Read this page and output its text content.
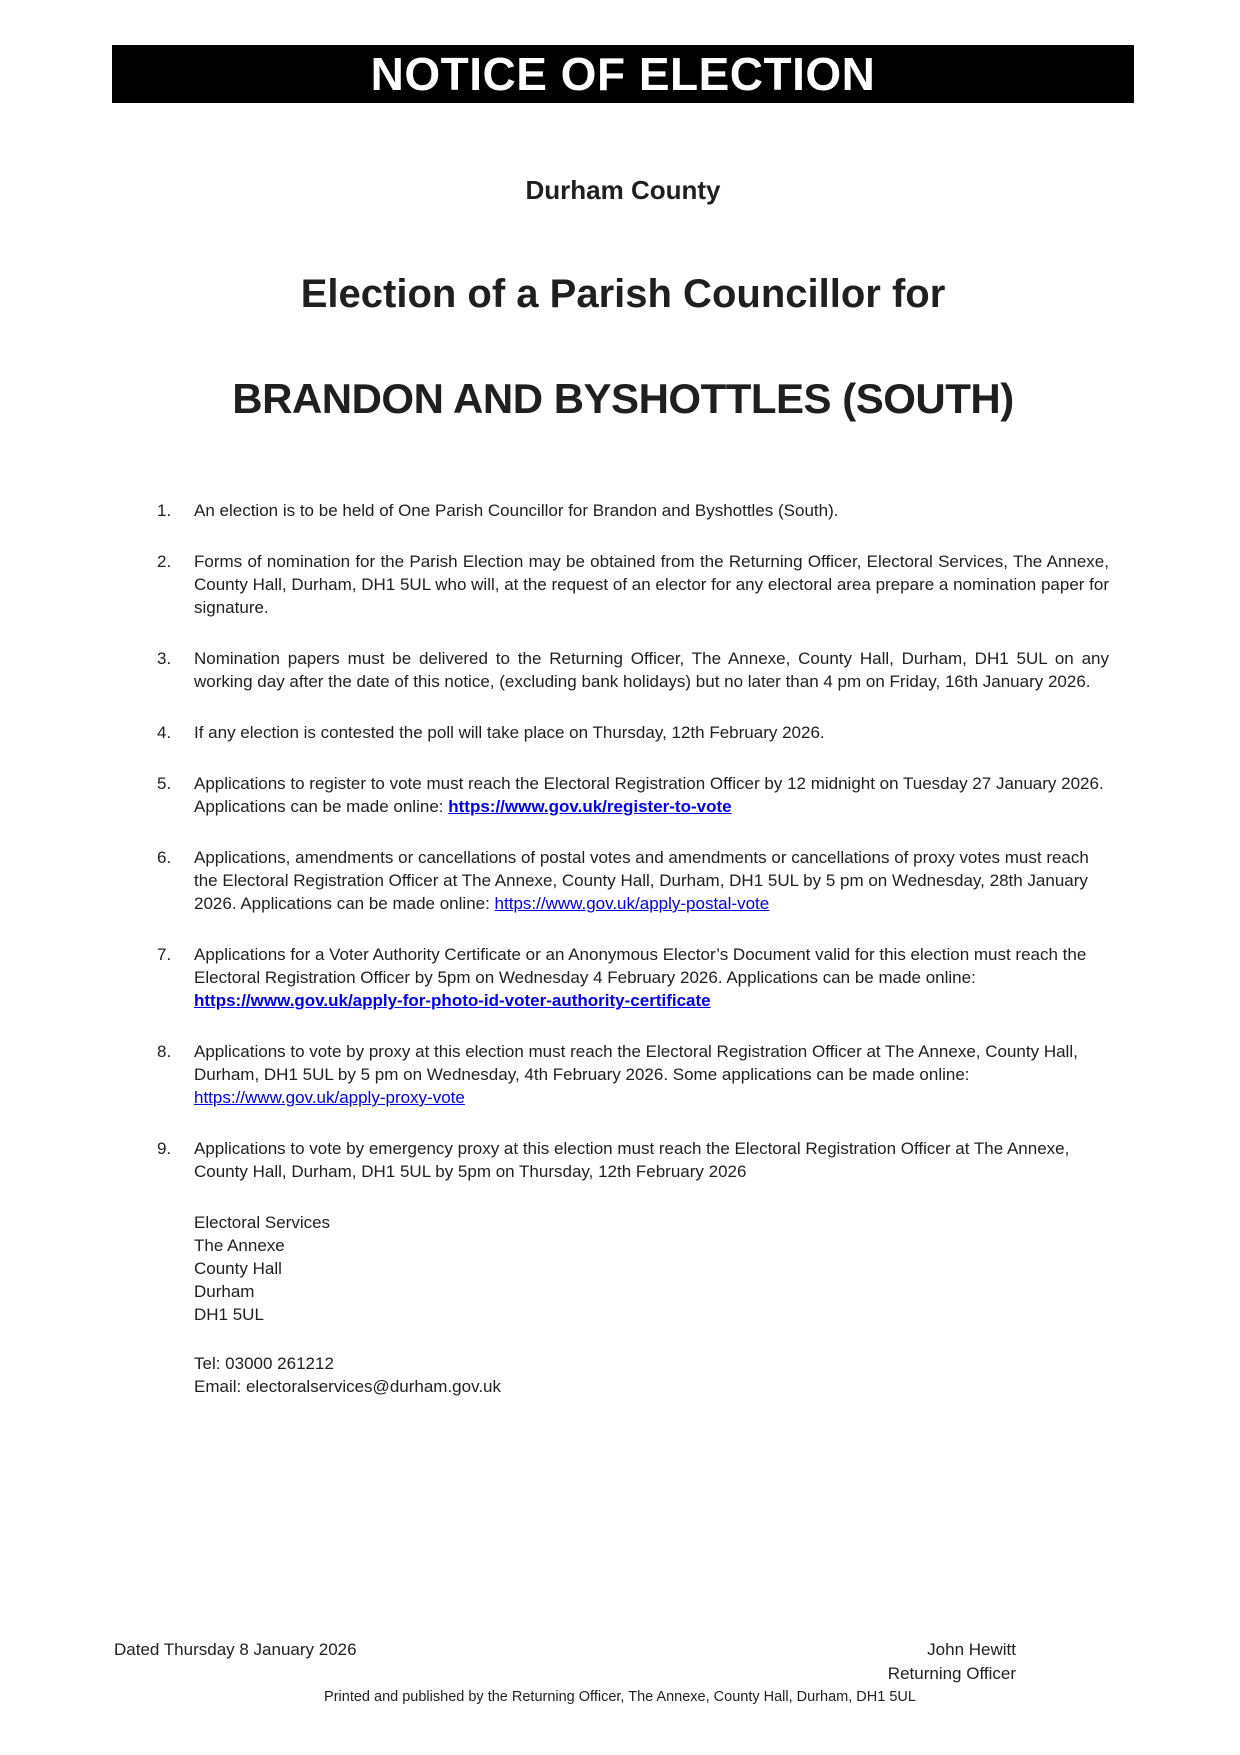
NOTICE OF ELECTION
Durham County
Election of a Parish Councillor for
BRANDON AND BYSHOTTLES (SOUTH)
1.	An election is to be held of One Parish Councillor for Brandon and Byshottles (South).
2.	Forms of nomination for the Parish Election may be obtained from the Returning Officer, Electoral Services, The Annexe, County Hall, Durham, DH1 5UL who will, at the request of an elector for any electoral area prepare a nomination paper for signature.
3.	Nomination papers must be delivered to the Returning Officer, The Annexe, County Hall, Durham, DH1 5UL on any working day after the date of this notice, (excluding bank holidays) but no later than 4 pm on Friday, 16th January 2026.
4.	If any election is contested the poll will take place on Thursday, 12th February 2026.
5.	Applications to register to vote must reach the Electoral Registration Officer by 12 midnight on Tuesday 27 January 2026. Applications can be made online: https://www.gov.uk/register-to-vote
6.	Applications, amendments or cancellations of postal votes and amendments or cancellations of proxy votes must reach the Electoral Registration Officer at The Annexe, County Hall, Durham, DH1 5UL by 5 pm on Wednesday, 28th January 2026. Applications can be made online: https://www.gov.uk/apply-postal-vote
7.	Applications for a Voter Authority Certificate or an Anonymous Elector’s Document valid for this election must reach the Electoral Registration Officer by 5pm on Wednesday 4 February 2026. Applications can be made online: https://www.gov.uk/apply-for-photo-id-voter-authority-certificate
8.	Applications to vote by proxy at this election must reach the Electoral Registration Officer at The Annexe, County Hall, Durham, DH1 5UL by 5 pm on Wednesday, 4th February 2026. Some applications can be made online: https://www.gov.uk/apply-proxy-vote
9.	Applications to vote by emergency proxy at this election must reach the Electoral Registration Officer at The Annexe, County Hall, Durham, DH1 5UL by 5pm on Thursday, 12th February 2026
Electoral Services
The Annexe
County Hall
Durham
DH1 5UL
Tel: 03000 261212
Email: electoralservices@durham.gov.uk
Dated Thursday 8 January 2026	John Hewitt
Returning Officer
Printed and published by the Returning Officer, The Annexe, County Hall, Durham, DH1 5UL
